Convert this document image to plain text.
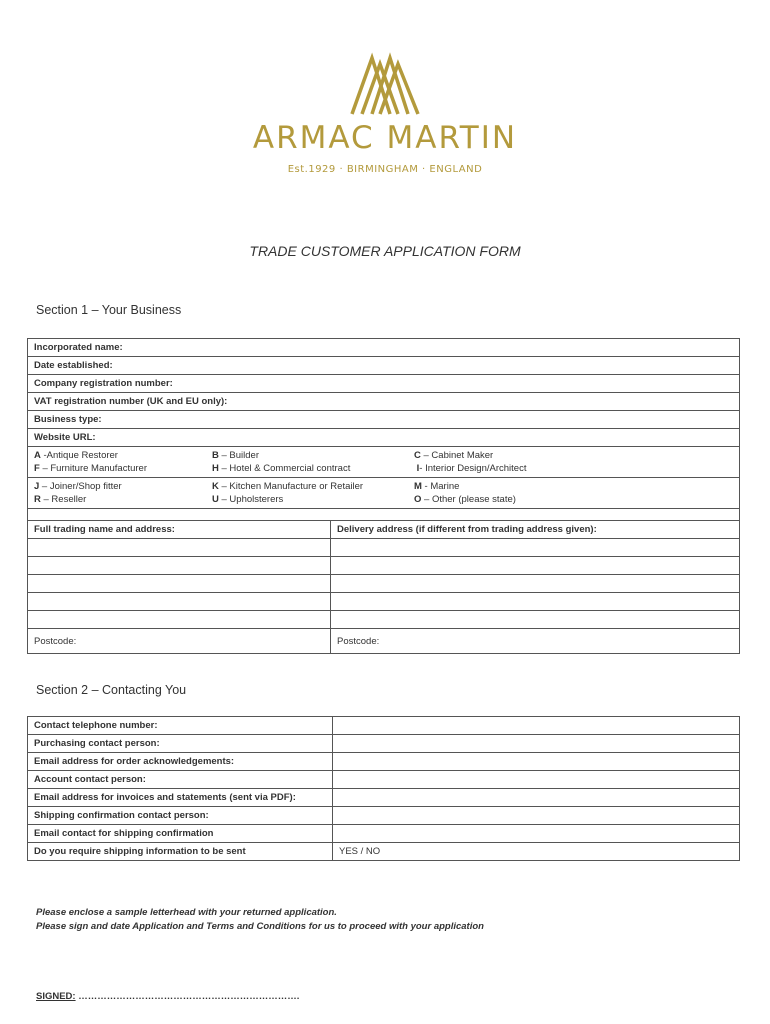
ARMAC MARTIN
Est.1929 · BIRMINGHAM · ENGLAND
TRADE CUSTOMER APPLICATION FORM
Section 1 – Your Business
Incorporated name:
Date established:
Company registration number:
VAT registration number (UK and EU only):
Business type:
Website URL:

A -Antique Restorer	B – Builder	C – Cabinet Maker
F – Furniture Manufacturer	H – Hotel & Commercial contract	I- Interior Design/Architect

J – Joiner/Shop fitter	K – Kitchen Manufacture or Retailer	M - Marine
R – Reseller	U – Upholsterers	O – Other (please state)

Full trading name and address:	Delivery address (if different from trading address given):

Postcode:	Postcode:
Section 2 – Contacting You
Contact telephone number:	
Purchasing contact person:	
Email address for order acknowledgements:	
Account contact person:	
Email address for invoices and statements (sent via PDF):	
Shipping confirmation contact person:	
Email contact for shipping confirmation	
Do you require shipping information to be sent	YES / NO
Please enclose a sample letterhead with your returned application.
Please sign and date Application and Terms and Conditions for us to proceed with your application
SIGNED: …………………………………………………………….
